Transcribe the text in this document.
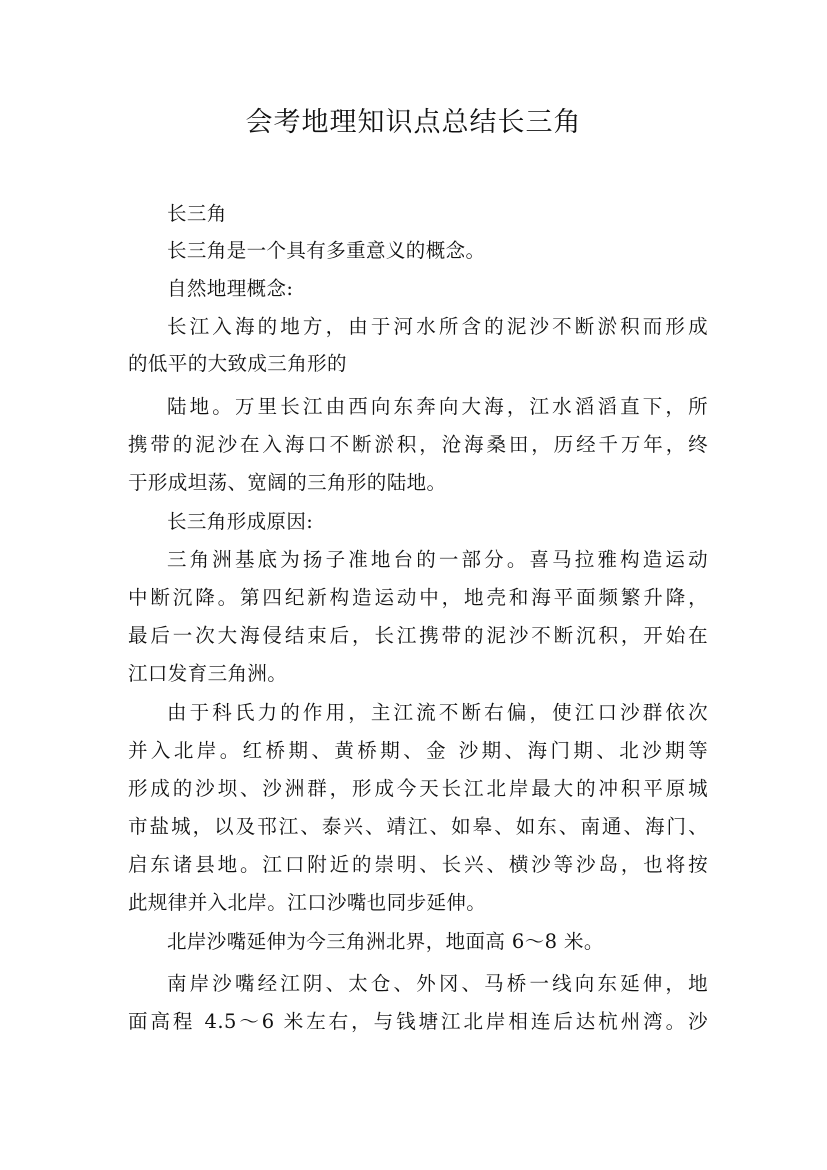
会考地理知识点总结长三角
长三角
长三角是一个具有多重意义的概念。
自然地理概念:
长江入海的地方，由于河水所含的泥沙不断淤积而形成
的低平的大致成三角形的
陆地。万里长江由西向东奔向大海，江水滔滔直下，所
携带的泥沙在入海口不断淤积，沧海桑田，历经千万年，终
于形成坦荡、宽阔的三角形的陆地。
长三角形成原因:
三角洲基底为扬子准地台的一部分。喜马拉雅构造运动
中断沉降。第四纪新构造运动中，地壳和海平面频繁升降，
最后一次大海侵结束后，长江携带的泥沙不断沉积，开始在
江口发育三角洲。
由于科氏力的作用，主江流不断右偏，使江口沙群依次
并入北岸。红桥期、黄桥期、金 沙期、海门期、北沙期等
形成的沙坝、沙洲群，形成今天长江北岸最大的冲积平原城
市盐城，以及邗江、泰兴、靖江、如皋、如东、南通、海门、
启东诸县地。江口附近的崇明、长兴、横沙等沙岛，也将按
此规律并入北岸。江口沙嘴也同步延伸。
北岸沙嘴延伸为今三角洲北界，地面高 6～8 米。
南岸沙嘴经江阴、太仓、外冈、马桥一线向东延伸，地
面高程 4.5～6 米左右，与钱塘江北岸相连后达杭州湾。沙
